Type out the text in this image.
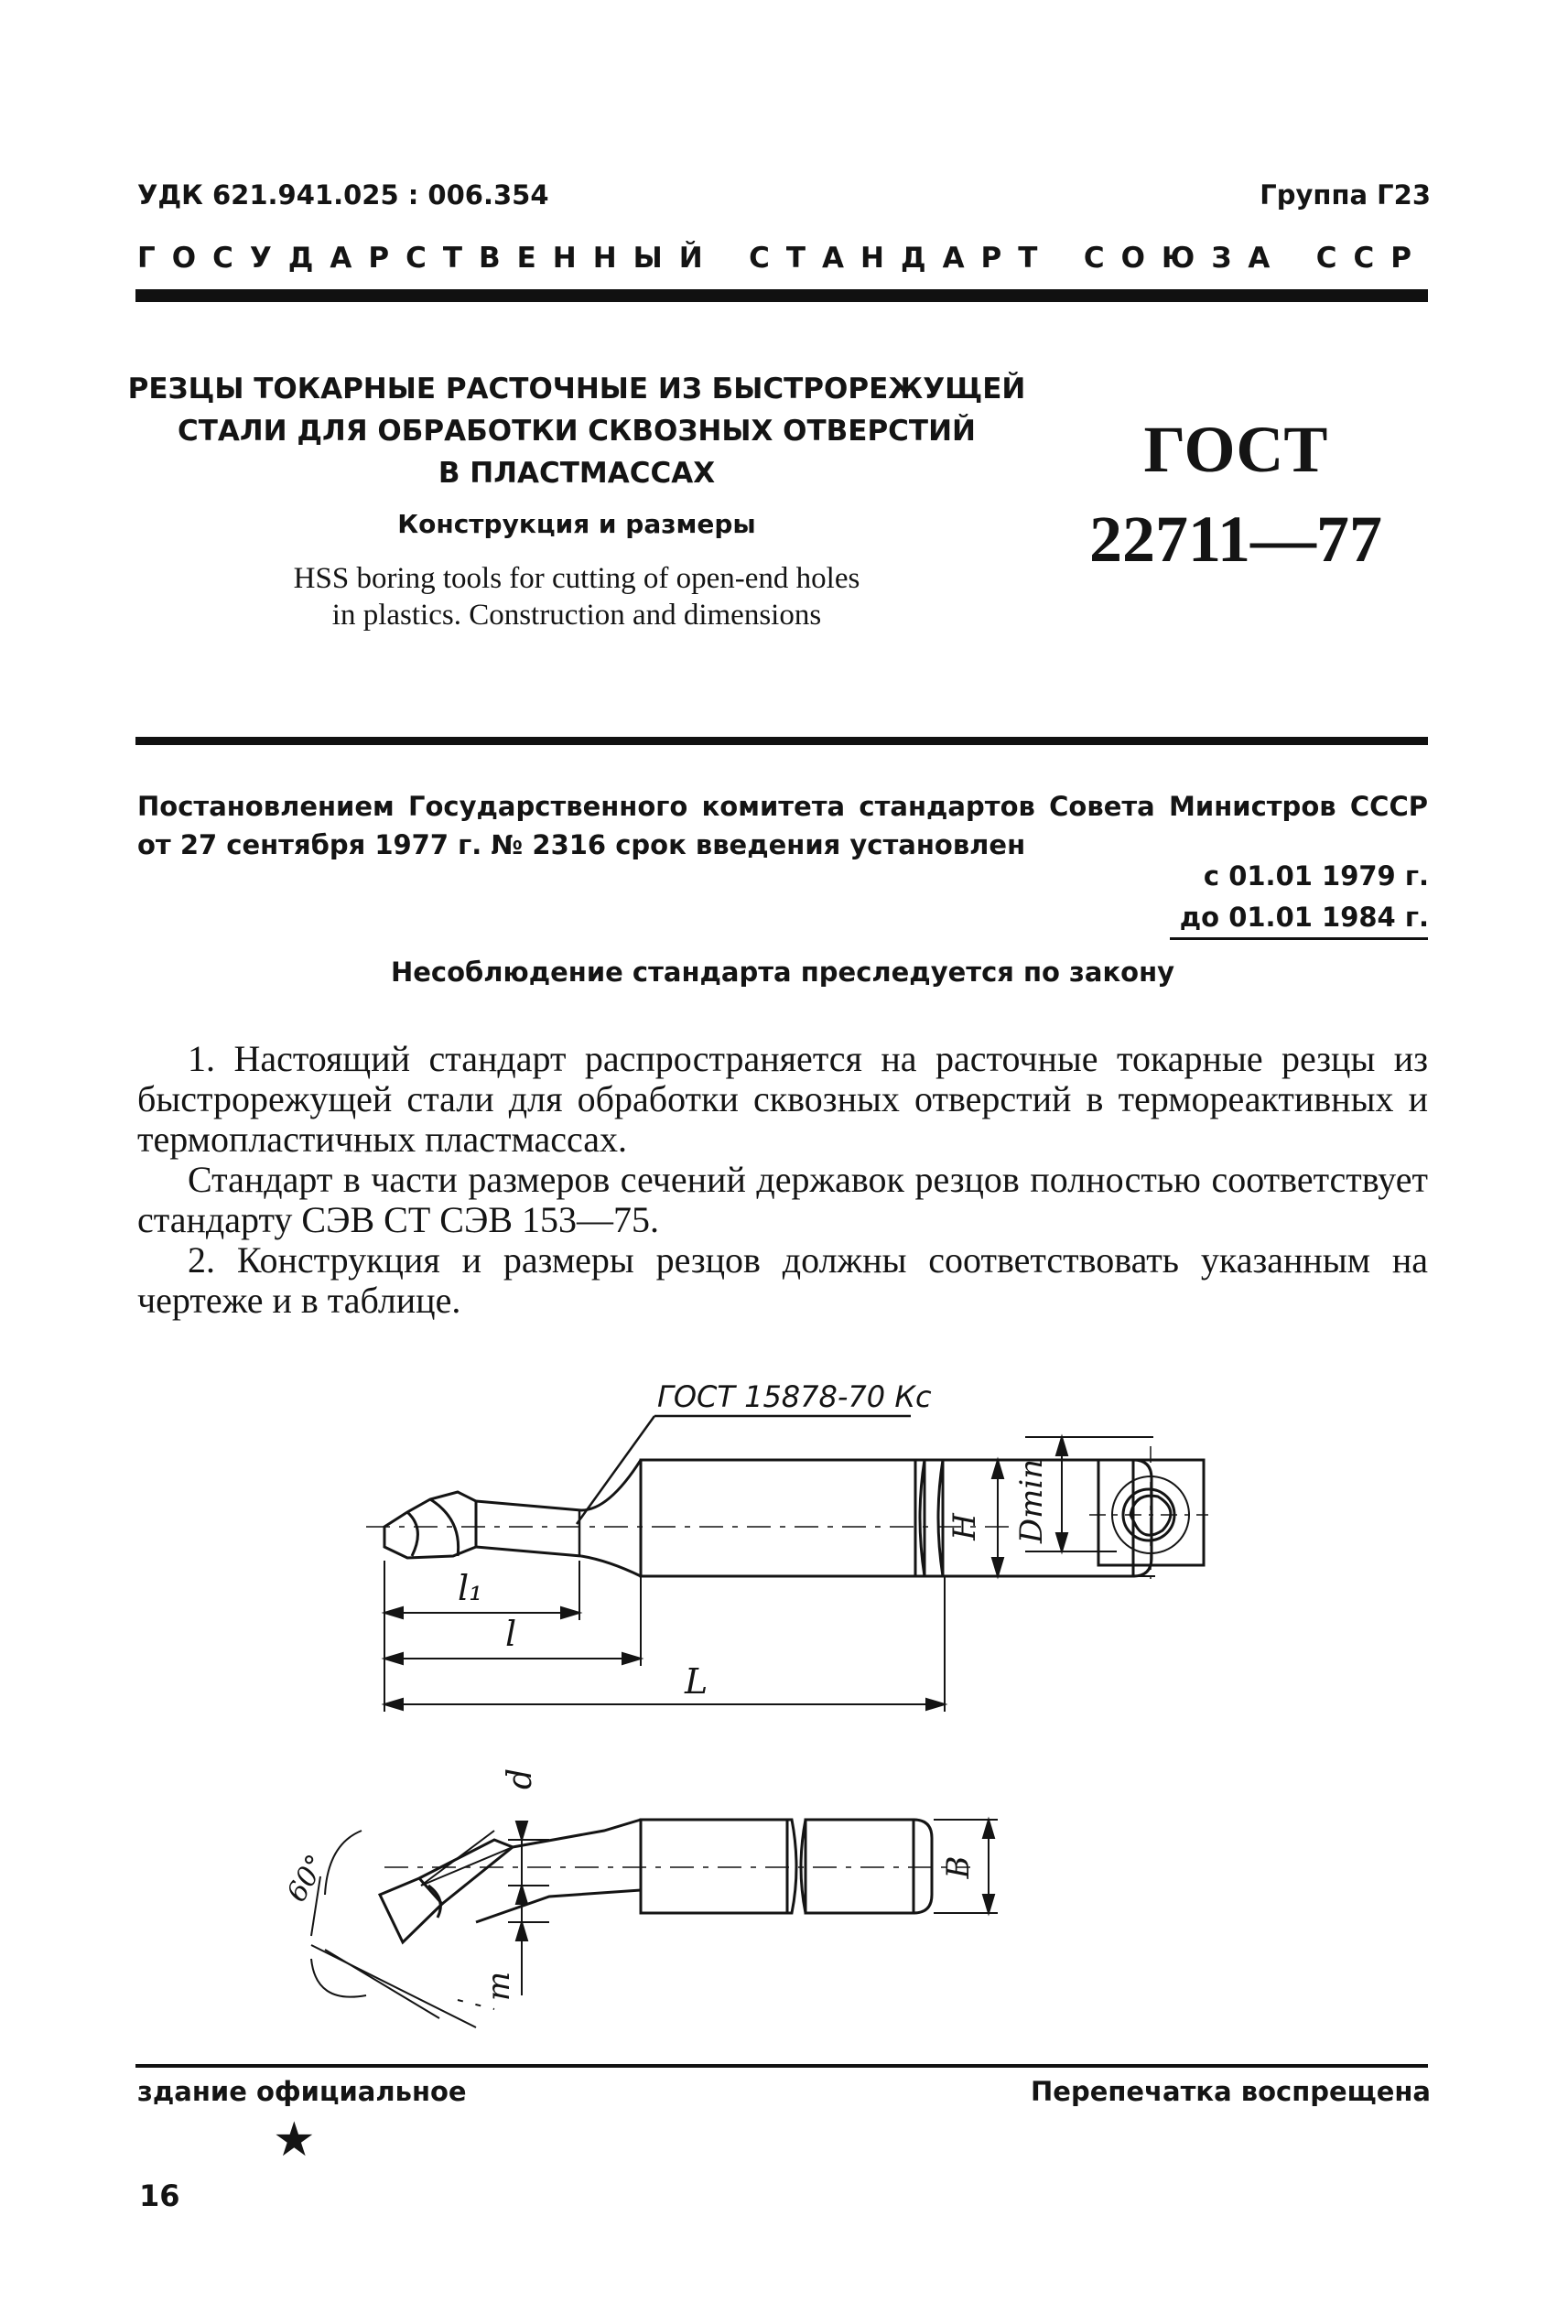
УДК 621.941.025 : 006.354	Группа Г23
ГОСУДАРСТВЕННЫЙ СТАНДАРТ СОЮЗА ССР
РЕЗЦЫ ТОКАРНЫЕ РАСТОЧНЫЕ ИЗ БЫСТРОРЕЖУЩЕЙ
СТАЛИ ДЛЯ ОБРАБОТКИ СКВОЗНЫХ ОТВЕРСТИЙ
В ПЛАСТМАССАХ
Конструкция и размеры
HSS boring tools for cutting of open-end holes
in plastics. Construction and dimensions
ГОСТ
22711—77
Постановлением Государственного комитета стандартов Совета Министров СССР от 27 сентября 1977 г. № 2316 срок введения установлен
с 01.01 1979 г.
до 01.01 1984 г.
Несоблюдение стандарта преследуется по закону

1. Настоящий стандарт распространяется на расточные токарные резцы из быстрорежущей стали для обработки сквозных отверстий в термореактивных и термопластичных пластмассах.

Стандарт в части размеров сечений державок резцов полностью соответствует стандарту СЭВ СТ СЭВ 153—75.

2. Конструкция и размеры резцов должны соответствовать указанным на чертеже и в таблице.

ГОСТ 15878-70 Кс
l₁
l
L
H Dmin
d
B
m
60°
здание официальное	Перепечатка воспрещена
★
16
